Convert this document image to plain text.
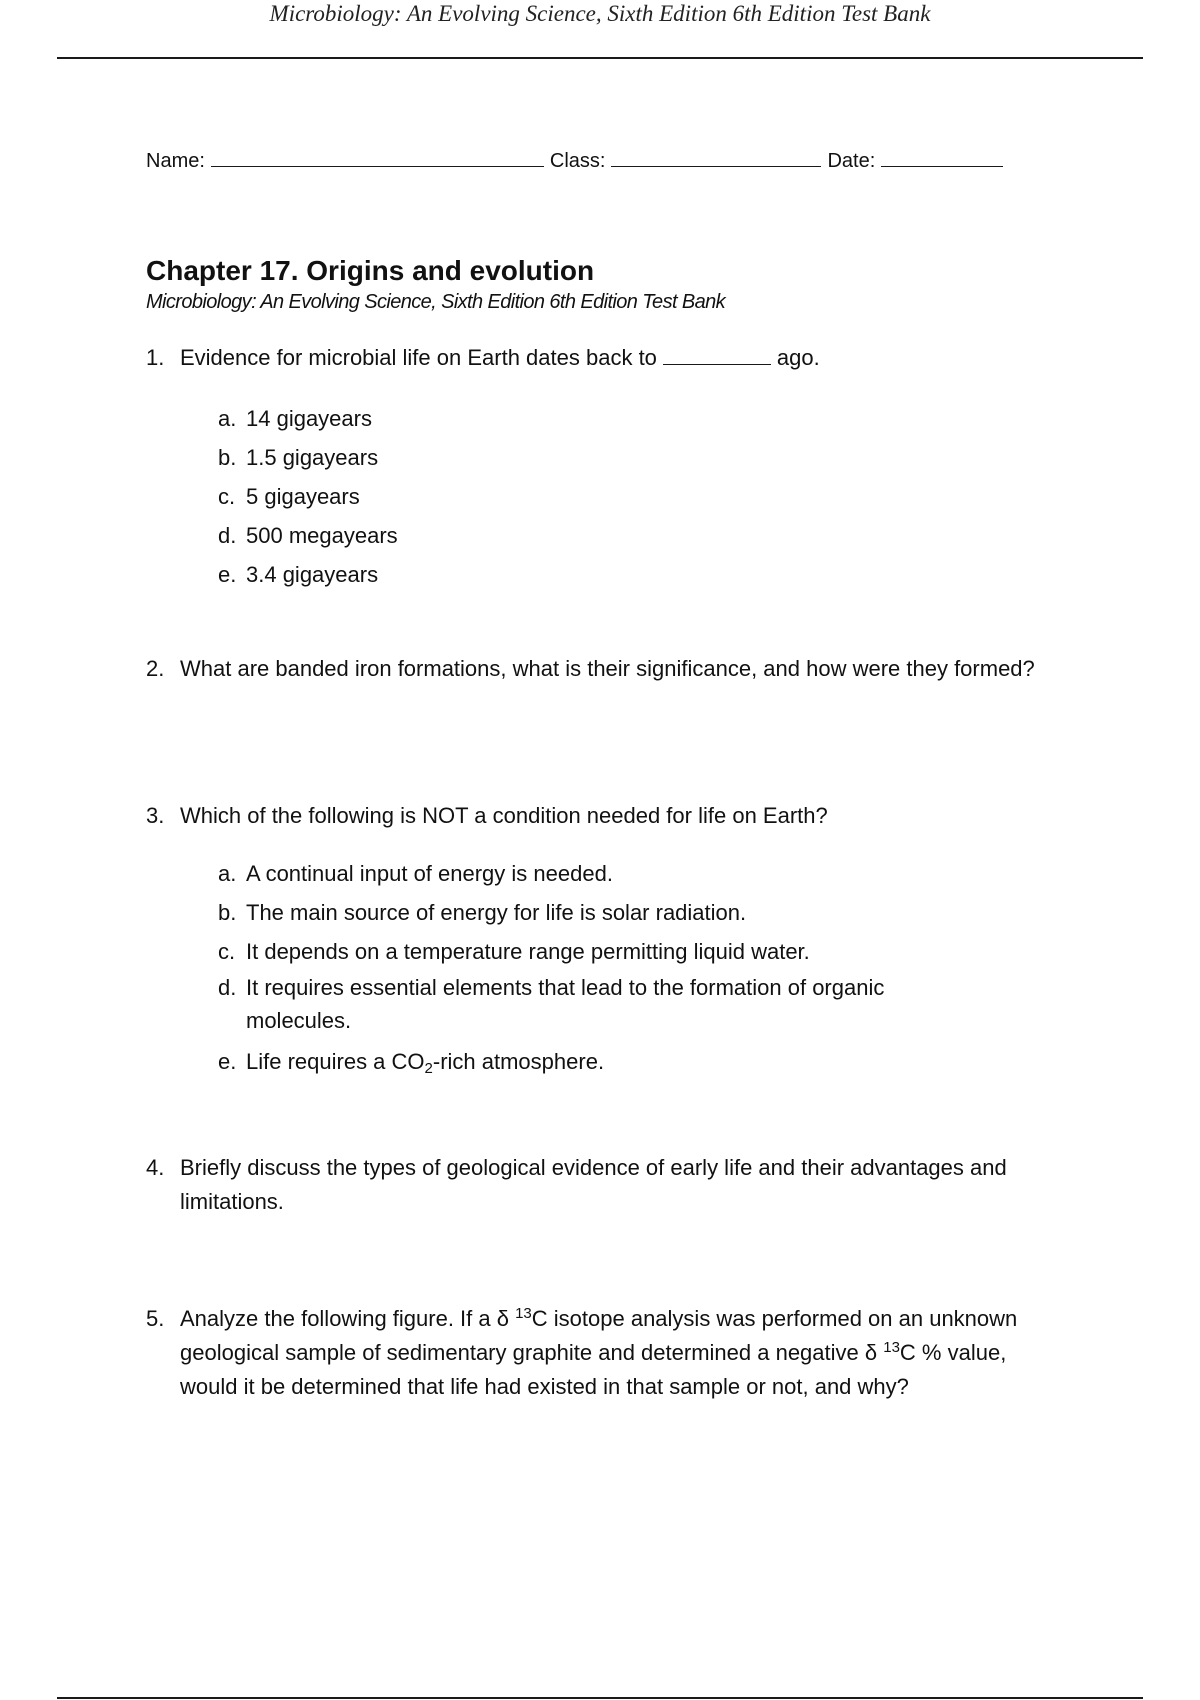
Microbiology: An Evolving Science, Sixth Edition 6th Edition Test Bank
Name:	Class:	Date:
Chapter 17. Origins and evolution
Microbiology: An Evolving Science, Sixth Edition 6th Edition Test Bank
1. Evidence for microbial life on Earth dates back to	ago.
a. 14 gigayears
b. 1.5 gigayears
c. 5 gigayears
d. 500 megayears
e. 3.4 gigayears
2. What are banded iron formations, what is their significance, and how were they formed?
3. Which of the following is NOT a condition needed for life on Earth?
a. A continual input of energy is needed.
b. The main source of energy for life is solar radiation.
c. It depends on a temperature range permitting liquid water.
d. It requires essential elements that lead to the formation of organic molecules.
e. Life requires a $CO_2$-rich atmosphere.
4. Briefly discuss the types of geological evidence of early life and their advantages and limitations.
5. Analyze the following figure. If a δ $^{13}$C isotope analysis was performed on an unknown geological sample of sedimentary graphite and determined a negative δ $^{13}$C % value, would it be determined that life had existed in that sample or not, and why?
